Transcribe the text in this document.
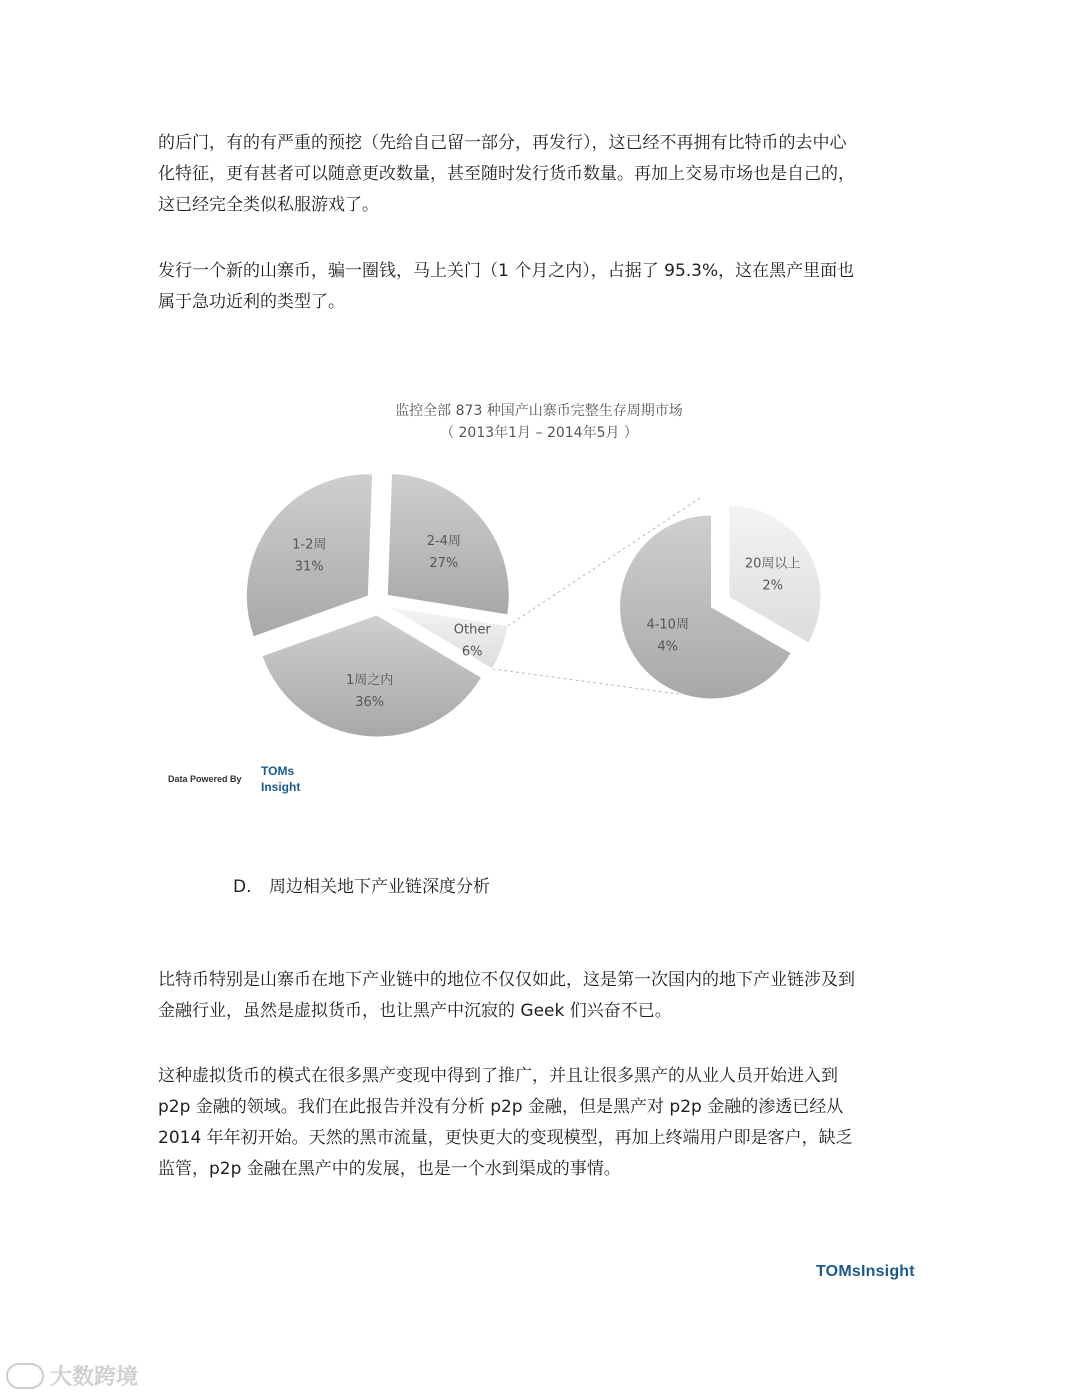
的后门，有的有严重的预挖（先给自己留一部分，再发行），这已经不再拥有比特币的去中心
化特征，更有甚者可以随意更改数量，甚至随时发行货币数量。再加上交易市场也是自己的，
这已经完全类似私服游戏了。
发行一个新的山寨币，骗一圈钱，马上关门（1 个月之内），占据了 95.3%，这在黑产里面也
属于急功近利的类型了。
监控全部 873 种国产山寨币完整生存周期市场
（ 2013年1月 – 2014年5月 ）
2-4周
27%
Other
6%
1周之内
36%
1-2周
31%	20周以上
2%
4-10周
4%
Data Powered By
TOMs
Insight
D. 周边相关地下产业链深度分析
比特币特别是山寨币在地下产业链中的地位不仅仅如此，这是第一次国内的地下产业链涉及到
金融行业，虽然是虚拟货币，也让黑产中沉寂的 Geek 们兴奋不已。
这种虚拟货币的模式在很多黑产变现中得到了推广，并且让很多黑产的从业人员开始进入到
p2p 金融的领域。我们在此报告并没有分析 p2p 金融，但是黑产对 p2p 金融的渗透已经从
2014 年年初开始。天然的黑市流量，更快更大的变现模型，再加上终端用户即是客户，缺乏
监管，p2p 金融在黑产中的发展，也是一个水到渠成的事情。
TOMsInsight
大数跨境
